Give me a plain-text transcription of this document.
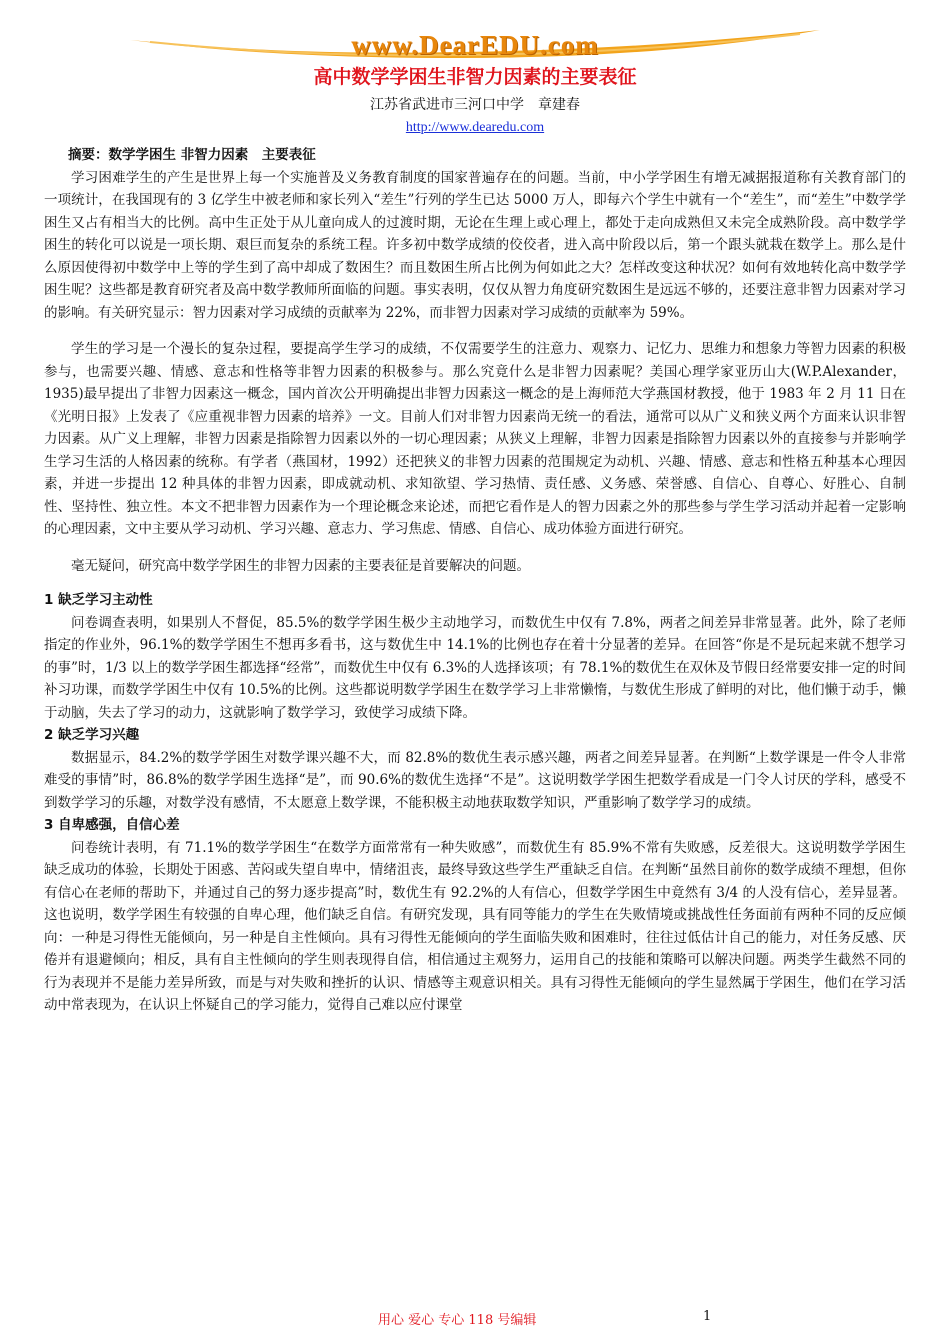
www.DearEDU.com
高中数学学困生非智力因素的主要表征
江苏省武进市三河口中学　章建春
http://www.dearedu.com
摘要：数学学困生 非智力因素　主要表征

学习困难学生的产生是世界上每一个实施普及义务教育制度的国家普遍存在的问题。当前，中小学学困生有增无减据报道称有关教育部门的一项统计，在我国现有的 3 亿学生中被老师和家长列入“差生”行列的学生已达 5000 万人，即每六个学生中就有一个“差生”，而“差生”中数学学困生又占有相当大的比例。高中生正处于从儿童向成人的过渡时期，无论在生理上或心理上，都处于走向成熟但又未完全成熟阶段。高中数学学困生的转化可以说是一项长期、艰巨而复杂的系统工程。许多初中数学成绩的佼佼者，进入高中阶段以后，第一个跟头就栽在数学上。那么是什么原因使得初中数学中上等的学生到了高中却成了数困生？而且数困生所占比例为何如此之大？怎样改变这种状况？如何有效地转化高中数学学困生呢？这些都是教育研究者及高中数学教师所面临的问题。事实表明，仅仅从智力角度研究数困生是远远不够的，还要注意非智力因素对学习的影响。有关研究显示：智力因素对学习成绩的贡献率为 22%，而非智力因素对学习成绩的贡献率为 59%。

学生的学习是一个漫长的复杂过程，要提高学生学习的成绩，不仅需要学生的注意力、观察力、记忆力、思维力和想象力等智力因素的积极参与，也需要兴趣、情感、意志和性格等非智力因素的积极参与。那么究竟什么是非智力因素呢？美国心理学家亚历山大(W.P.Alexander，1935)最早提出了非智力因素这一概念，国内首次公开明确提出非智力因素这一概念的是上海师范大学燕国材教授，他于 1983 年 2 月 11 日在《光明日报》上发表了《应重视非智力因素的培养》一文。目前人们对非智力因素尚无统一的看法，通常可以从广义和狭义两个方面来认识非智力因素。从广义上理解，非智力因素是指除智力因素以外的一切心理因素；从狭义上理解，非智力因素是指除智力因素以外的直接参与并影响学生学习生活的人格因素的统称。有学者（燕国材，1992）还把狭义的非智力因素的范围规定为动机、兴趣、情感、意志和性格五种基本心理因素，并进一步提出 12 种具体的非智力因素，即成就动机、求知欲望、学习热情、责任感、义务感、荣誉感、自信心、自尊心、好胜心、自制性、坚持性、独立性。本文不把非智力因素作为一个理论概念来论述，而把它看作是人的智力因素之外的那些参与学生学习活动并起着一定影响的心理因素，文中主要从学习动机、学习兴趣、意志力、学习焦虑、情感、自信心、成功体验方面进行研究。

毫无疑问，研究高中数学学困生的非智力因素的主要表征是首要解决的问题。

1 缺乏学习主动性

问卷调查表明，如果别人不督促，85.5%的数学学困生极少主动地学习，而数优生中仅有 7.8%，两者之间差异非常显著。此外，除了老师指定的作业外，96.1%的数学学困生不想再多看书，这与数优生中 14.1%的比例也存在着十分显著的差异。在回答“你是不是玩起来就不想学习的事”时，1/3 以上的数学学困生都选择“经常”，而数优生中仅有 6.3%的人选择该项；有 78.1%的数优生在双休及节假日经常要安排一定的时间补习功课，而数学学困生中仅有 10.5%的比例。这些都说明数学学困生在数学学习上非常懒惰，与数优生形成了鲜明的对比，他们懒于动手，懒于动脑，失去了学习的动力，这就影响了数学学习，致使学习成绩下降。

2 缺乏学习兴趣

数据显示，84.2%的数学学困生对数学课兴趣不大，而 82.8%的数优生表示感兴趣，两者之间差异显著。在判断“上数学课是一件令人非常难受的事情”时，86.8%的数学学困生选择“是”，而 90.6%的数优生选择“不是”。这说明数学学困生把数学看成是一门令人讨厌的学科，感受不到数学学习的乐趣，对数学没有感情，不太愿意上数学课，不能积极主动地获取数学知识，严重影响了数学学习的成绩。

3 自卑感强，自信心差

问卷统计表明，有 71.1%的数学学困生“在数学方面常常有一种失败感”，而数优生有 85.9%不常有失败感，反差很大。这说明数学学困生缺乏成功的体验，长期处于困惑、苦闷或失望自卑中，情绪沮丧，最终导致这些学生严重缺乏自信。在判断“虽然目前你的数学成绩不理想，但你有信心在老师的帮助下，并通过自己的努力逐步提高”时，数优生有 92.2%的人有信心，但数学学困生中竟然有 3/4 的人没有信心，差异显著。这也说明，数学学困生有较强的自卑心理，他们缺乏自信。有研究发现，具有同等能力的学生在失败情境或挑战性任务面前有两种不同的反应倾向：一种是习得性无能倾向，另一种是自主性倾向。具有习得性无能倾向的学生面临失败和困难时，往往过低估计自己的能力，对任务反感、厌倦并有退避倾向；相反，具有自主性倾向的学生则表现得自信，相信通过主观努力，运用自己的技能和策略可以解决问题。两类学生截然不同的行为表现并不是能力差异所致，而是与对失败和挫折的认识、情感等主观意识相关。具有习得性无能倾向的学生显然属于学困生，他们在学习活动中常表现为，在认识上怀疑自己的学习能力，觉得自己难以应付课堂

用心 爱心 专心 118 号编辑	1
